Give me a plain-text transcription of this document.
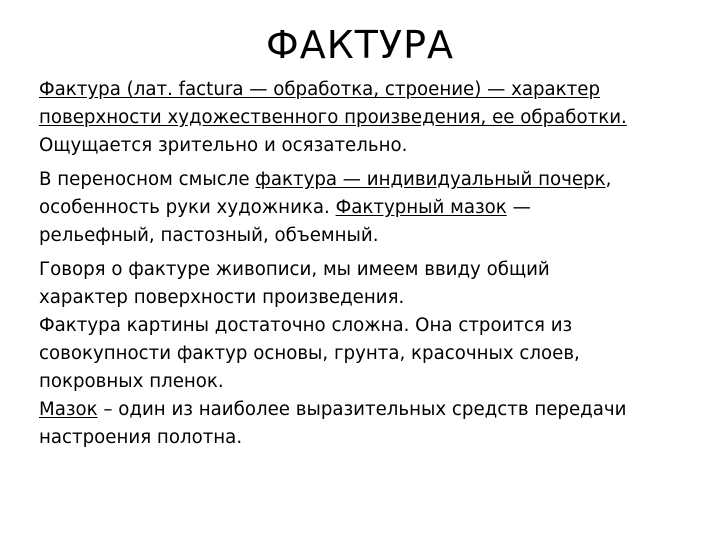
ФАКТУРА

Фактура (лат. factura — обработка, строение) — характер
поверхности художественного произведения, ее обработки.
Ощущается зрительно и осязательно.

В переносном смысле фактура — индивидуальный почерк,
особенность руки художника. Фактурный мазок —
рельефный, пастозный, объемный.

Говоря о фактуре живописи, мы имеем ввиду общий
характер поверхности произведения.

Фактура картины достаточно сложна. Она строится из
совокупности фактур основы, грунта, красочных слоев,
покровных пленок.

Мазок – один из наиболее выразительных средств передачи
настроения полотна.
